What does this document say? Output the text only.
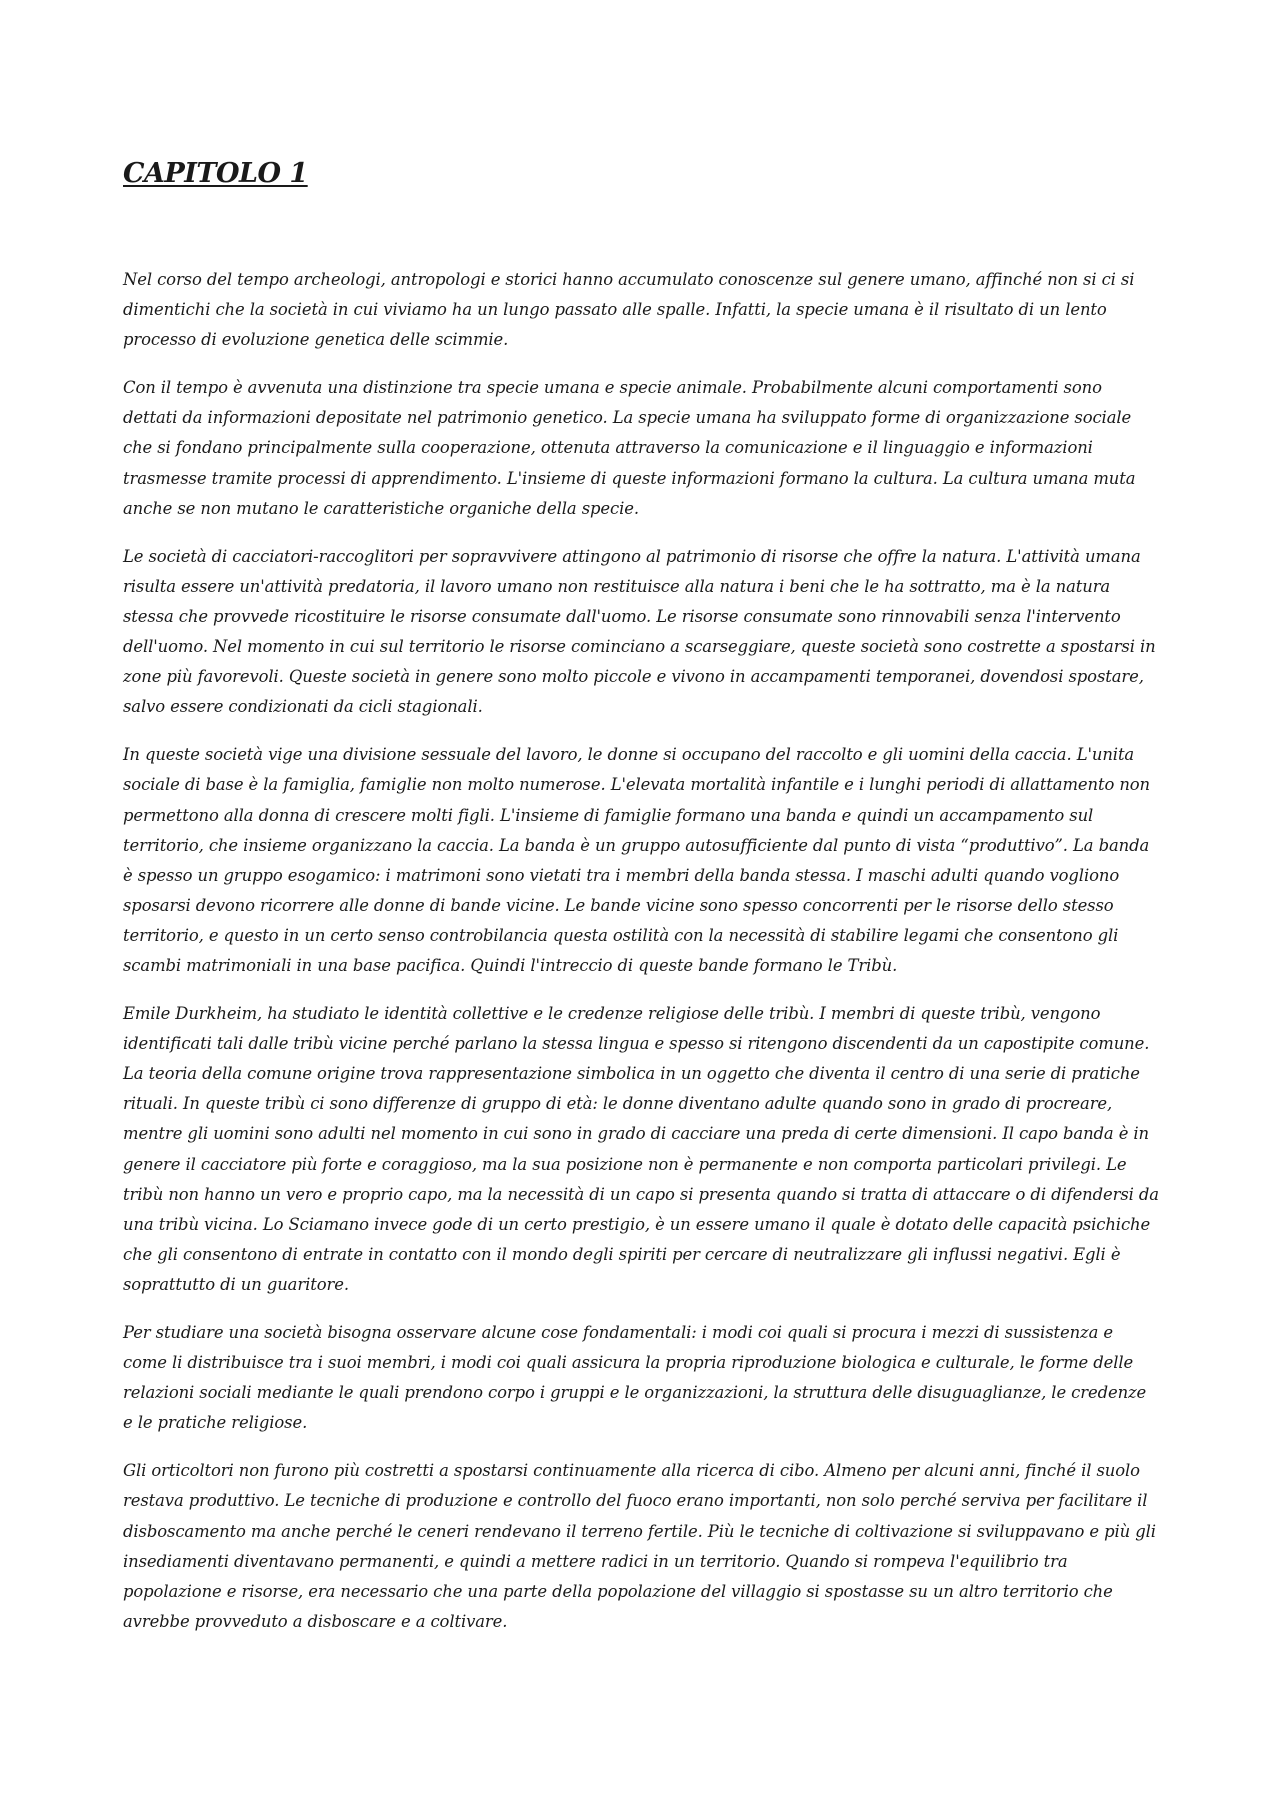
CAPITOLO 1

Nel corso del tempo archeologi, antropologi e storici hanno accumulato conoscenze sul genere umano, affinché non si ci si dimentichi che la società in cui viviamo ha un lungo passato alle spalle. Infatti, la specie umana è il risultato di un lento processo di evoluzione genetica delle scimmie.

Con il tempo è avvenuta una distinzione tra specie umana e specie animale. Probabilmente alcuni comportamenti sono dettati da informazioni depositate nel patrimonio genetico. La specie umana ha sviluppato forme di organizzazione sociale che si fondano principalmente sulla cooperazione, ottenuta attraverso la comunicazione e il linguaggio e informazioni trasmesse tramite processi di apprendimento. L'insieme di queste informazioni formano la cultura. La cultura umana muta anche se non mutano le caratteristiche organiche della specie.

Le società di cacciatori-raccoglitori per sopravvivere attingono al patrimonio di risorse che offre la natura. L'attività umana risulta essere un'attività predatoria, il lavoro umano non restituisce alla natura i beni che le ha sottratto, ma è la natura stessa che provvede ricostituire le risorse consumate dall'uomo. Le risorse consumate sono rinnovabili senza l'intervento dell'uomo. Nel momento in cui sul territorio le risorse cominciano a scarseggiare, queste società sono costrette a spostarsi in zone più favorevoli. Queste società in genere sono molto piccole e vivono in accampamenti temporanei, dovendosi spostare, salvo essere condizionati da cicli stagionali.

In queste società vige una divisione sessuale del lavoro, le donne si occupano del raccolto e gli uomini della caccia. L'unita sociale di base è la famiglia, famiglie non molto numerose. L'elevata mortalità infantile e i lunghi periodi di allattamento non permettono alla donna di crescere molti figli. L'insieme di famiglie formano una banda e quindi un accampamento sul territorio, che insieme organizzano la caccia. La banda è un gruppo autosufficiente dal punto di vista “produttivo”. La banda è spesso un gruppo esogamico: i matrimoni sono vietati tra i membri della banda stessa. I maschi adulti quando vogliono sposarsi devono ricorrere alle donne di bande vicine. Le bande vicine sono spesso concorrenti per le risorse dello stesso territorio, e questo in un certo senso controbilancia questa ostilità con la necessità di stabilire legami che consentono gli scambi matrimoniali in una base pacifica. Quindi l'intreccio di queste bande formano le Tribù.

Emile Durkheim, ha studiato le identità collettive e le credenze religiose delle tribù. I membri di queste tribù, vengono identificati tali dalle tribù vicine perché parlano la stessa lingua e spesso si ritengono discendenti da un capostipite comune. La teoria della comune origine trova rappresentazione simbolica in un oggetto che diventa il centro di una serie di pratiche rituali. In queste tribù ci sono differenze di gruppo di età: le donne diventano adulte quando sono in grado di procreare, mentre gli uomini sono adulti nel momento in cui sono in grado di cacciare una preda di certe dimensioni. Il capo banda è in genere il cacciatore più forte e coraggioso, ma la sua posizione non è permanente e non comporta particolari privilegi. Le tribù non hanno un vero e proprio capo, ma la necessità di un capo si presenta quando si tratta di attaccare o di difendersi da una tribù vicina. Lo Sciamano invece gode di un certo prestigio, è un essere umano il quale è dotato delle capacità psichiche che gli consentono di entrate in contatto con il mondo degli spiriti per cercare di neutralizzare gli influssi negativi. Egli è soprattutto di un guaritore.

Per studiare una società bisogna osservare alcune cose fondamentali: i modi coi quali si procura i mezzi di sussistenza e come li distribuisce tra i suoi membri, i modi coi quali assicura la propria riproduzione biologica e culturale, le forme delle relazioni sociali mediante le quali prendono corpo i gruppi e le organizzazioni, la struttura delle disuguaglianze, le credenze e le pratiche religiose.

Gli orticoltori non furono più costretti a spostarsi continuamente alla ricerca di cibo. Almeno per alcuni anni, finché il suolo restava produttivo. Le tecniche di produzione e controllo del fuoco erano importanti, non solo perché serviva per facilitare il disboscamento ma anche perché le ceneri rendevano il terreno fertile. Più le tecniche di coltivazione si sviluppavano e più gli insediamenti diventavano permanenti, e quindi a mettere radici in un territorio. Quando si rompeva l'equilibrio tra popolazione e risorse, era necessario che una parte della popolazione del villaggio si spostasse su un altro territorio che avrebbe provveduto a disboscare e a coltivare.
